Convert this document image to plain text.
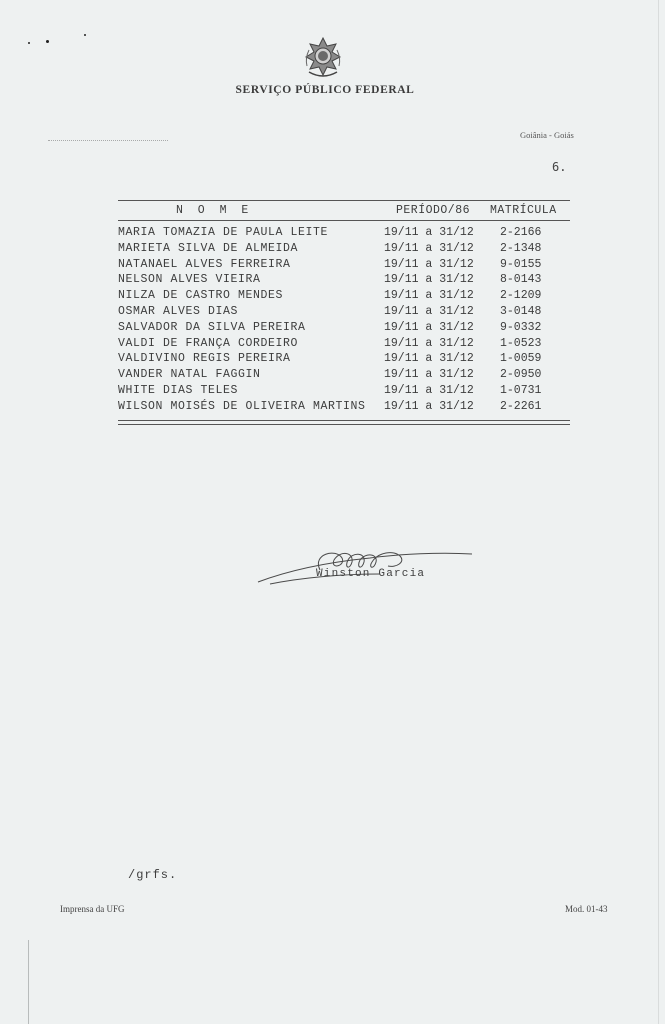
SERVIÇO PÚBLICO FEDERAL
Goiânia - Goiás
6.
N O M E	PERÍODO/86 MATRÍCULA
MARIA TOMAZIA DE PAULA LEITE	19/11 a 31/12 2-2166
MARIETA SILVA DE ALMEIDA	19/11 a 31/12 2-1348
NATANAEL ALVES FERREIRA	19/11 a 31/12 9-0155
NELSON ALVES VIEIRA	19/11 a 31/12 8-0143
NILZA DE CASTRO MENDES	19/11 a 31/12 2-1209
OSMAR ALVES DIAS	19/11 a 31/12 3-0148
SALVADOR DA SILVA PEREIRA	19/11 a 31/12 9-0332
VALDI DE FRANÇA CORDEIRO	19/11 a 31/12 1-0523
VALDIVINO REGIS PEREIRA	19/11 a 31/12 1-0059
VANDER NATAL FAGGIN	19/11 a 31/12 2-0950
WHITE DIAS TELES	19/11 a 31/12 1-0731
WILSON MOISÉS DE OLIVEIRA MARTINS 19/11 a 31/12 2-2261
Winston Garcia
/grfs.
Imprensa da UFG	Mod. 01-43
